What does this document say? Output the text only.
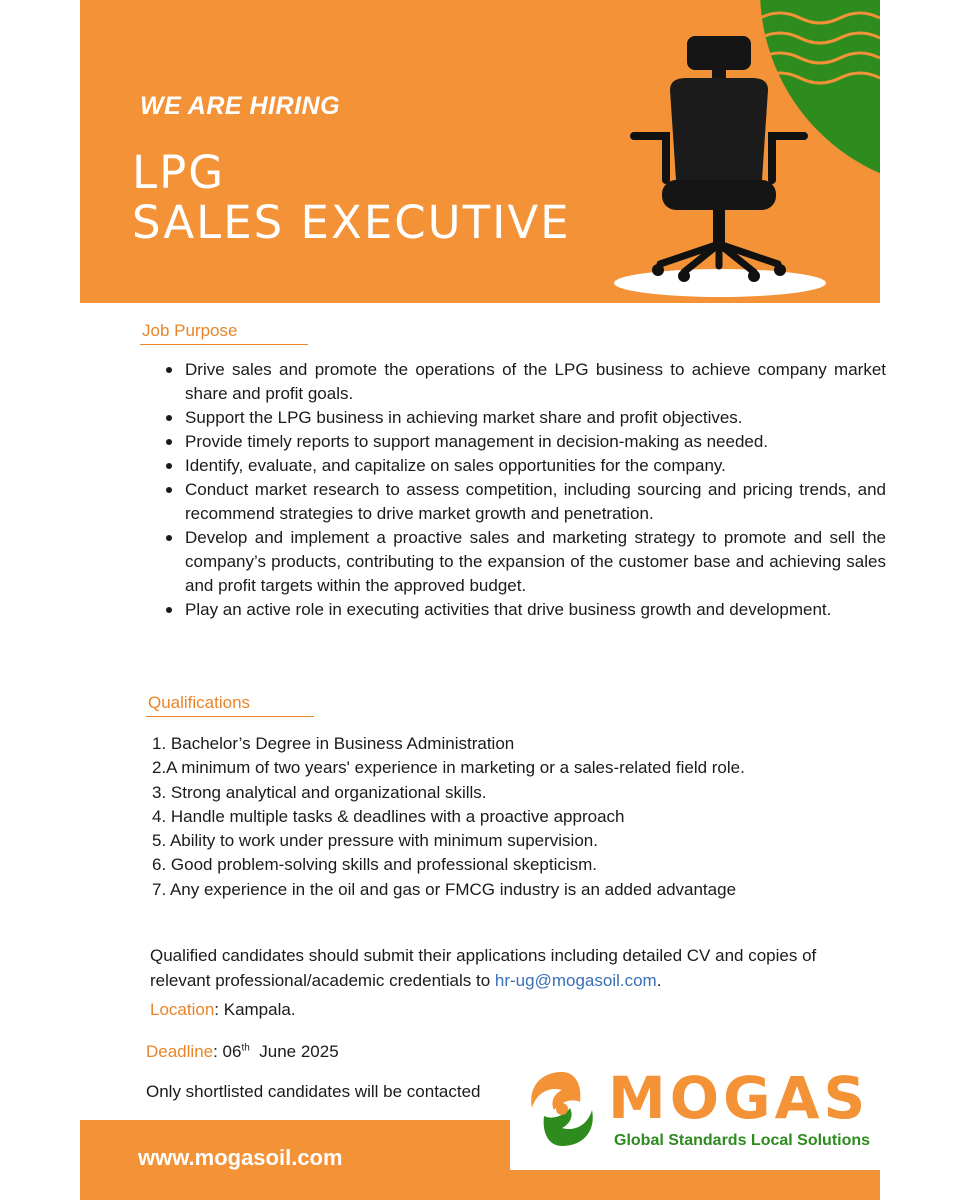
WE ARE HIRING
LPG
SALES EXECUTIVE
Job Purpose
Drive sales and promote the operations of the LPG business to achieve company market share and profit goals.
Support the LPG business in achieving market share and profit objectives.
Provide timely reports to support management in decision-making as needed.
Identify, evaluate, and capitalize on sales opportunities for the company.
Conduct market research to assess competition, including sourcing and pricing trends, and recommend strategies to drive market growth and penetration.
Develop and implement a proactive sales and marketing strategy to promote and sell the company’s products, contributing to the expansion of the customer base and achieving sales and profit targets within the approved budget.
Play an active role in executing activities that drive business growth and development.
Qualifications
1. Bachelor’s Degree in Business Administration
2.A minimum of two years' experience in marketing or a sales-related field role.
3. Strong analytical and organizational skills.
4. Handle multiple tasks & deadlines with a proactive approach
5. Ability to work under pressure with minimum supervision.
6. Good problem-solving skills and professional skepticism.
7. Any experience in the oil and gas or FMCG industry is an added advantage
Qualified candidates should submit their applications including detailed CV and copies of relevant professional/academic credentials to hr-ug@mogasoil.com.
Location: Kampala.
Deadline: 06th  June 2025
Only shortlisted candidates will be contacted
www.mogasoil.com
MOGAS
Global Standards Local Solutions
